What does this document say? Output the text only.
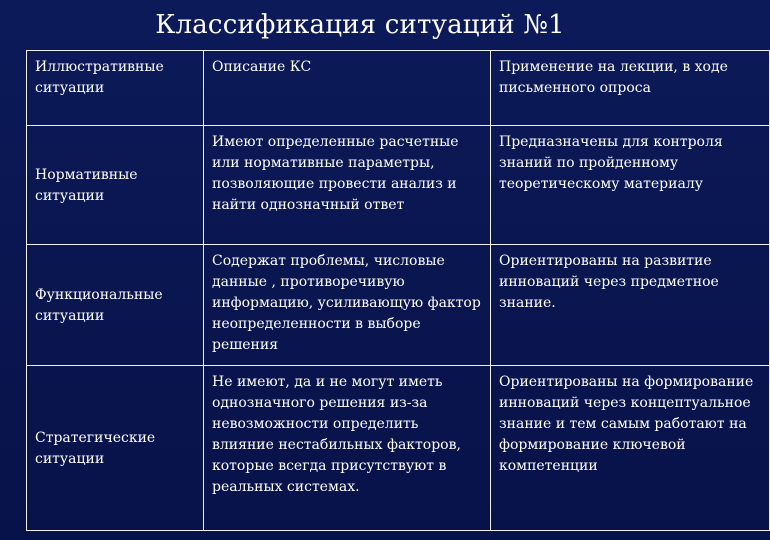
Классификация ситуаций №1
Иллюстративные ситуации	Описание КС	Применение на лекции, в ходе письменного опроса
Нормативные ситуации	Имеют определенные расчетные или нормативные параметры, позволяющие провести анализ и найти однозначный ответ	Предназначены для контроля знаний по пройденному теоретическому материалу
Функциональные ситуации	Содержат проблемы, числовые данные , противоречивую информацию, усиливающую фактор неопределенности в выборе решения	Ориентированы на развитие инноваций через предметное знание.
Стратегические ситуации	Не имеют, да и не могут иметь однозначного решения из-за невозможности определить влияние нестабильных факторов, которые всегда присутствуют в реальных системах.	Ориентированы на формирование инноваций через концептуальное знание и тем самым работают на формирование ключевой компетенции
